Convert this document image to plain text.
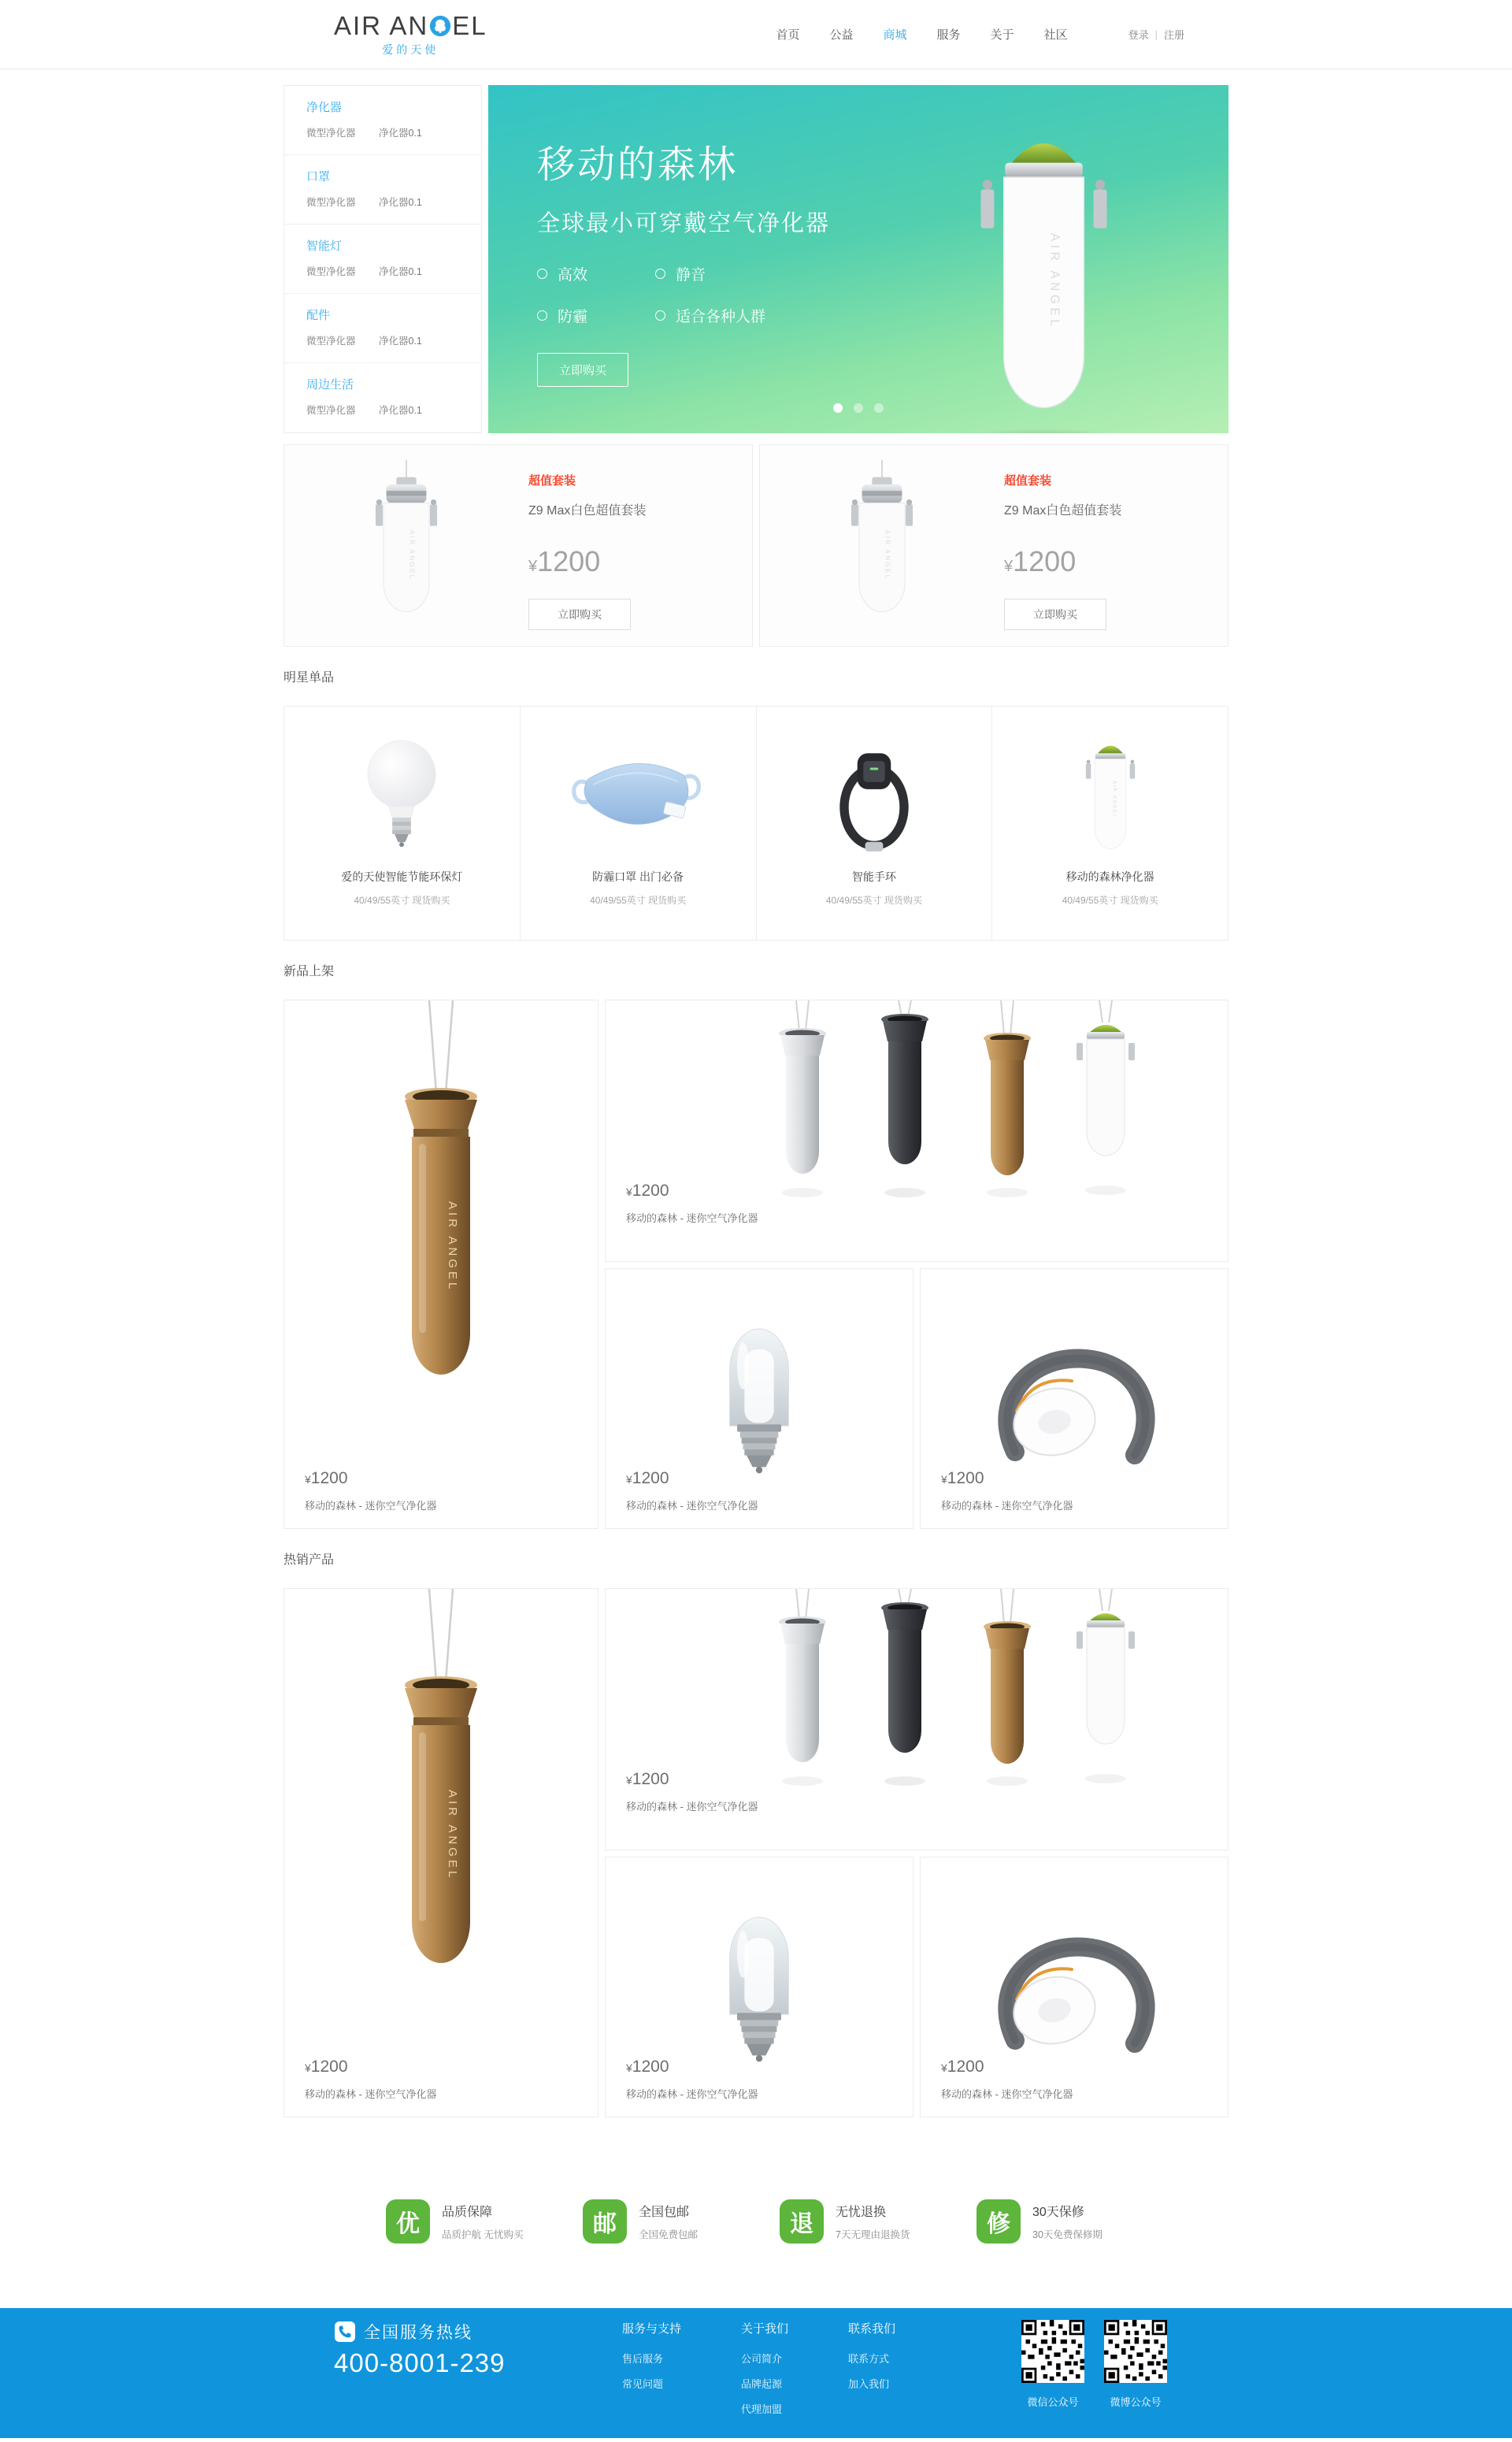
AIR AN EL
爱的天使
首页	公益	商城	服务	关于	社区	登录 | 注册
净化器
微型净化器 净化器0.1
口罩
微型净化器 净化器0.1
智能灯
微型净化器 净化器0.1
配件
微型净化器 净化器0.1
周边生活
微型净化器 净化器0.1
移动的森林
全球最小可穿戴空气净化器
高效	静音
防霾	适合各种人群
立即购买
超值套装
Z9 Max白色超值套装
¥1200
立即购买
超值套装
Z9 Max白色超值套装
¥1200
立即购买
明星单品
爱的天使智能节能环保灯
40/49/55英寸 现货购买
防霾口罩 出门必备
40/49/55英寸 现货购买
智能手环
40/49/55英寸 现货购买
移动的森林净化器
40/49/55英寸 现货购买
新品上架
¥1200
移动的森林 - 迷你空气净化器
¥1200
移动的森林 - 迷你空气净化器
¥1200
移动的森林 - 迷你空气净化器
¥1200
移动的森林 - 迷你空气净化器
热销产品
¥1200
移动的森林 - 迷你空气净化器
¥1200
移动的森林 - 迷你空气净化器
¥1200
移动的森林 - 迷你空气净化器
¥1200
移动的森林 - 迷你空气净化器
优	品质保障
品质护航 无忧购买	邮	全国包邮
全国免费包邮	退	无忧退换
7天无理由退换货	修	30天保修
30天免费保修期
全国服务热线
400-8001-239
服务与支持
售后服务
常见问题
关于我们
公司简介
品牌起源
代理加盟
联系我们
联系方式
加入我们
微信公众号	微博公众号
